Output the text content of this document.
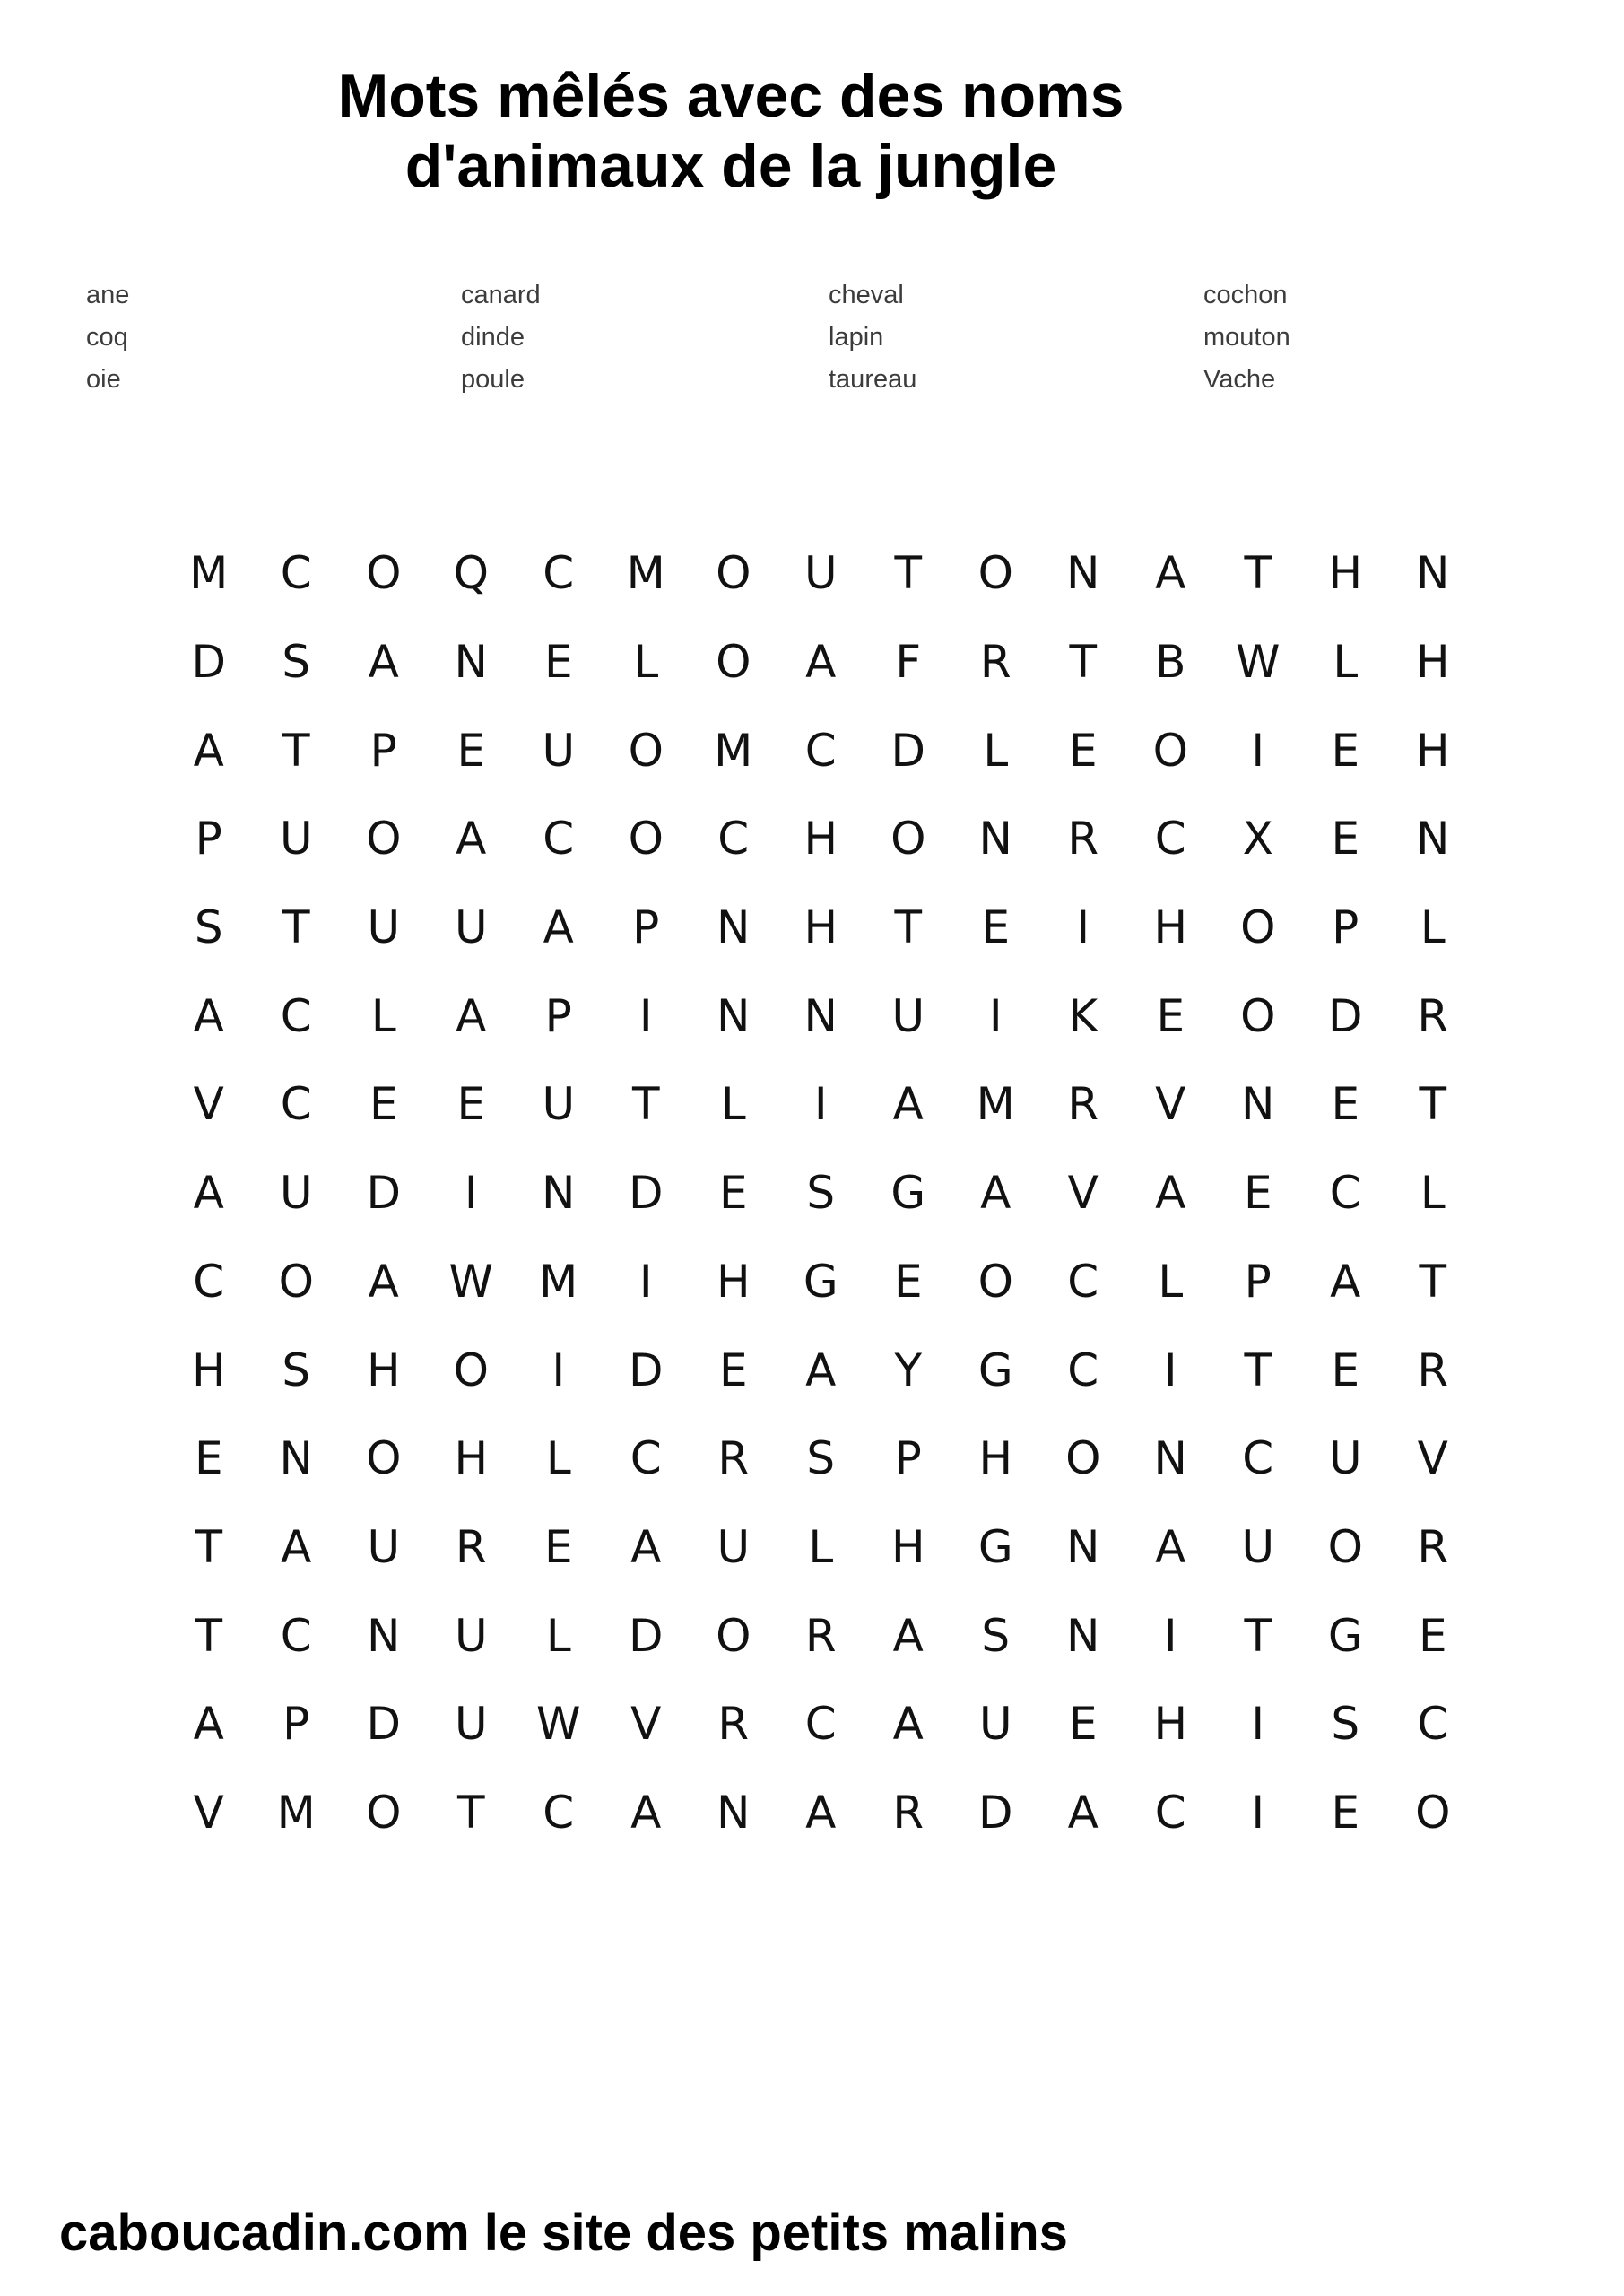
Mots mêlés avec des noms
d'animaux de la jungle
ane	canard	cheval	cochon
coq	dinde	lapin	mouton
oie	poule	taureau	Vache
M	C	O	Q	C	M	O	U	T	O	N	A	T	H	N
D	S	A	N	E	L	O	A	F	R	T	B	W	L	H
A	T	P	E	U	O	M	C	D	L	E	O	I	E	H
P	U	O	A	C	O	C	H	O	N	R	C	X	E	N
S	T	U	U	A	P	N	H	T	E	I	H	O	P	L
A	C	L	A	P	I	N	N	U	I	K	E	O	D	R
V	C	E	E	U	T	L	I	A	M	R	V	N	E	T
A	U	D	I	N	D	E	S	G	A	V	A	E	C	L
C	O	A	W	M	I	H	G	E	O	C	L	P	A	T
H	S	H	O	I	D	E	A	Y	G	C	I	T	E	R
E	N	O	H	L	C	R	S	P	H	O	N	C	U	V
T	A	U	R	E	A	U	L	H	G	N	A	U	O	R
T	C	N	U	L	D	O	R	A	S	N	I	T	G	E
A	P	D	U	W	V	R	C	A	U	E	H	I	S	C
V	M	O	T	C	A	N	A	R	D	A	C	I	E	O
caboucadin.com le site des petits malins
